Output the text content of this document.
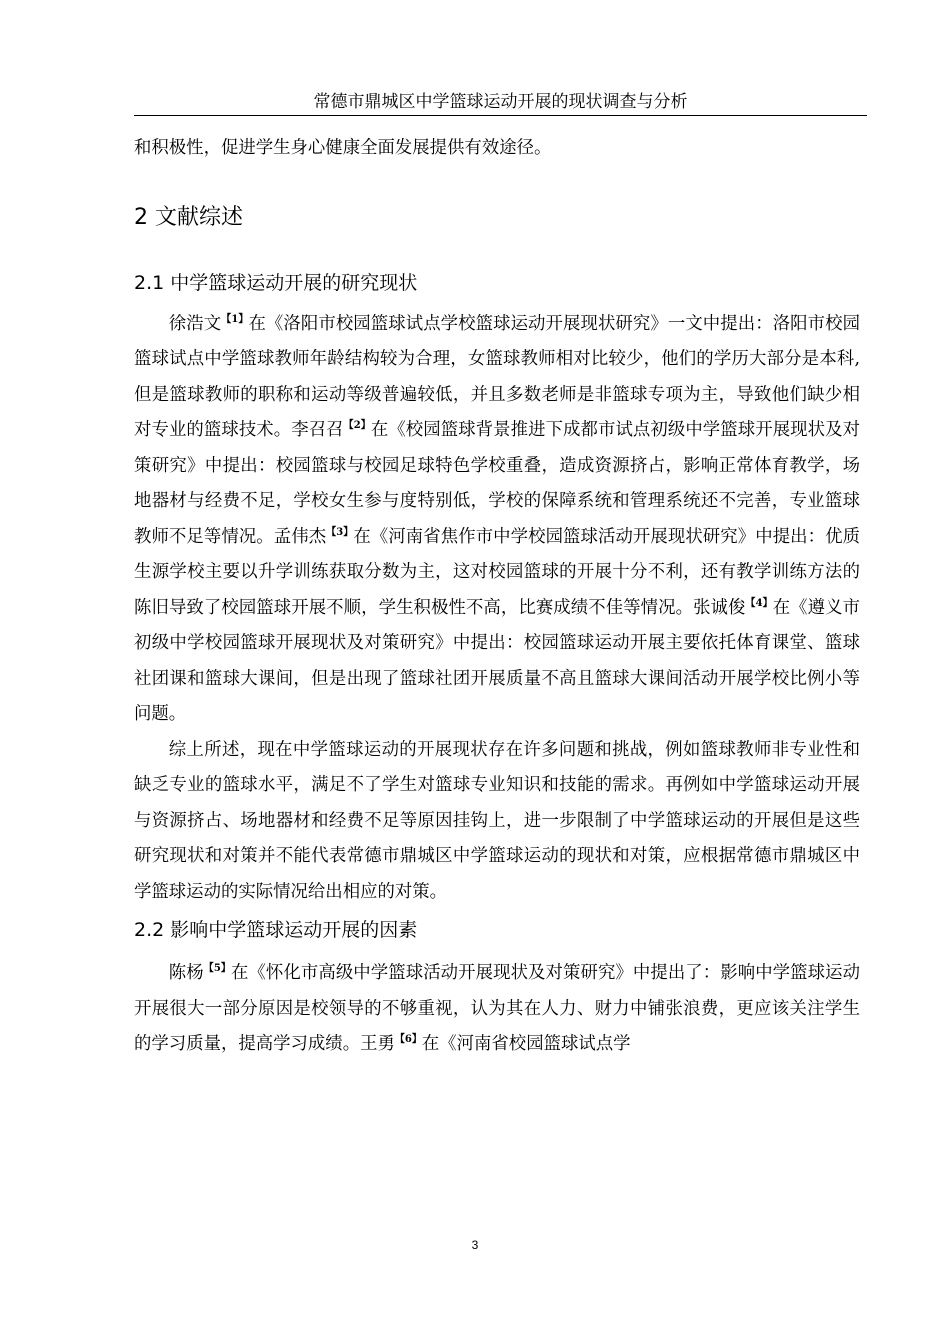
常德市鼎城区中学篮球运动开展的现状调查与分析

和积极性，促进学生身心健康全面发展提供有效途径。

2 文献综述
2.1 中学篮球运动开展的研究现状

徐浩文$^{【1】}$在《洛阳市校园篮球试点学校篮球运动开展现状研究》一文中提出：洛阳市校园篮球试点中学篮球教师年龄结构较为合理，女篮球教师相对比较少，他们的学历大部分是本科,但是篮球教师的职称和运动等级普遍较低，并且多数老师是非篮球专项为主，导致他们缺少相对专业的篮球技术。李召召$^{【2】}$在《校园篮球背景推进下成都市试点初级中学篮球开展现状及对策研究》中提出：校园篮球与校园足球特色学校重叠，造成资源挤占，影响正常体育教学，场地器材与经费不足，学校女生参与度特别低，学校的保障系统和管理系统还不完善，专业篮球教师不足等情况。孟伟杰$^{【3】}$在《河南省焦作市中学校园篮球活动开展现状研究》中提出：优质生源学校主要以升学训练获取分数为主，这对校园篮球的开展十分不利，还有教学训练方法的陈旧导致了校园篮球开展不顺，学生积极性不高，比赛成绩不佳等情况。张诚俊$^{【4】}$在《遵义市初级中学校园篮球开展现状及对策研究》中提出：校园篮球运动开展主要依托体育课堂、篮球社团课和篮球大课间，但是出现了篮球社团开展质量不高且篮球大课间活动开展学校比例小等问题。

综上所述，现在中学篮球运动的开展现状存在许多问题和挑战，例如篮球教师非专业性和缺乏专业的篮球水平，满足不了学生对篮球专业知识和技能的需求。再例如中学篮球运动开展与资源挤占、场地器材和经费不足等原因挂钩上，进一步限制了中学篮球运动的开展但是这些研究现状和对策并不能代表常德市鼎城区中学篮球运动的现状和对策，应根据常德市鼎城区中学篮球运动的实际情况给出相应的对策。

2.2 影响中学篮球运动开展的因素

陈杨$^{【5】}$在《怀化市高级中学篮球活动开展现状及对策研究》中提出了：影响中学篮球运动开展很大一部分原因是校领导的不够重视，认为其在人力、财力中铺张浪费，更应该关注学生的学习质量，提高学习成绩。王勇$^{【6】}$在《河南省校园篮球试点学

3
